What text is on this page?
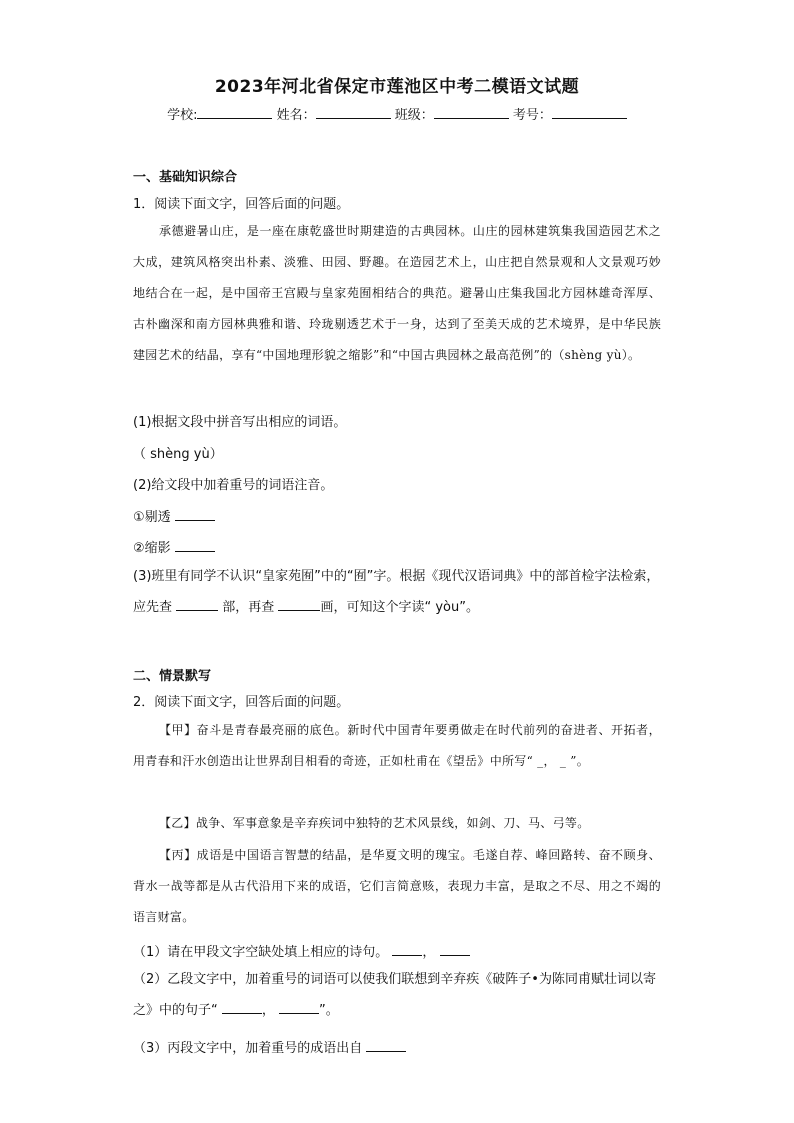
2023年河北省保定市莲池区中考二模语文试题
学校:	姓名：	班级：	考号：
一、基础知识综合
1．阅读下面文字，回答后面的问题。
承德避暑山庄，是一座在康乾盛世时期建造的古典园林。山庄的园林建筑集我国造园艺术之大成，建筑风格突出朴素、淡雅、田园、野趣。在造园艺术上，山庄把自然景观和人文景观巧妙地结合在一起，是中国帝王宫殿与皇家苑囿相结合的典范。避暑山庄集我国北方园林雄奇浑厚、古朴幽深和南方园林典雅和谐、玲珑剔透艺术于一身，达到了至美天成的艺术境界，是中华民族建园艺术的结晶，享有“中国地理形貌之缩影”和“中国古典园林之最高范例”的（shèng yù）。
(1)根据文段中拼音写出相应的词语。
（ shèng yù）
(2)给文段中加着重号的词语注音。
①剔透
②缩影
(3)班里有同学不认识“皇家苑囿”中的“囿”字。根据《现代汉语词典》中的部首检字法检索，应先查	部，再查	画，可知这个字读“ yòu”。
二、情景默写
2．阅读下面文字，回答后面的问题。
【甲】奋斗是青春最亮丽的底色。新时代中国青年要勇做走在时代前列的奋进者、开拓者，用青春和汗水创造出让世界刮目相看的奇迹，正如杜甫在《望岳》中所写“ _， _ ”。
【乙】战争、军事意象是辛弃疾词中独特的艺术风景线，如剑、刀、马、弓等。
【丙】成语是中国语言智慧的结晶，是华夏文明的瑰宝。毛遂自荐、峰回路转、奋不顾身、背水一战等都是从古代沿用下来的成语，它们言简意赅，表现力丰富，是取之不尽、用之不竭的语言财富。
（1）请在甲段文字空缺处填上相应的诗句。	，
（2）乙段文字中，加着重号的词语可以使我们联想到辛弃疾《破阵子•为陈同甫赋壮词以寄之》中的句子“	，	”。
（3）丙段文字中，加着重号的成语出自
